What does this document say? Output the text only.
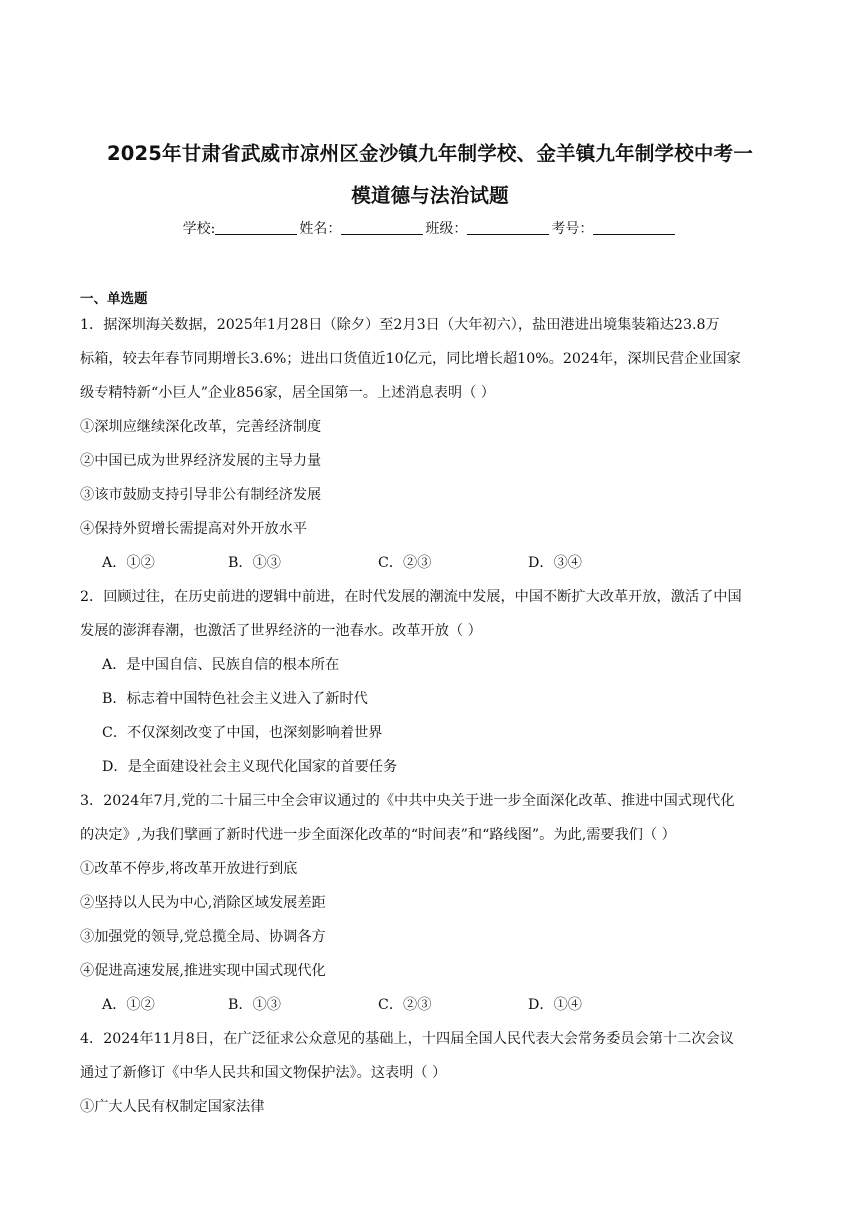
2025年甘肃省武威市凉州区金沙镇九年制学校、金羊镇九年制学校中考一
模道德与法治试题
学校:	姓名：	班级：	考号：
一、单选题
1．据深圳海关数据，2025年1月28日（除夕）至2月3日（大年初六），盐田港进出境集装箱达23.8万
标箱，较去年春节同期增长3.6%；进出口货值近10亿元，同比增长超10%。2024年，深圳民营企业国家
级专精特新“小巨人”企业856家，居全国第一。上述消息表明（ ）
①深圳应继续深化改革，完善经济制度
②中国已成为世界经济发展的主导力量
③该市鼓励支持引导非公有制经济发展
④保持外贸增长需提高对外开放水平
A．①②	B．①③	C．②③	D．③④
2．回顾过往，在历史前进的逻辑中前进，在时代发展的潮流中发展，中国不断扩大改革开放，激活了中国
发展的澎湃春潮，也激活了世界经济的一池春水。改革开放（ ）
A．是中国自信、民族自信的根本所在
B．标志着中国特色社会主义进入了新时代
C．不仅深刻改变了中国，也深刻影响着世界
D．是全面建设社会主义现代化国家的首要任务
3．2024年7月,党的二十届三中全会审议通过的《中共中央关于进一步全面深化改革、推进中国式现代化
的决定》,为我们擘画了新时代进一步全面深化改革的“时间表”和“路线图”。为此,需要我们（ ）
①改革不停步,将改革开放进行到底
②坚持以人民为中心,消除区域发展差距
③加强党的领导,党总揽全局、协调各方
④促进高速发展,推进实现中国式现代化
A．①②	B．①③	C．②③	D．①④
4．2024年11月8日，在广泛征求公众意见的基础上，十四届全国人民代表大会常务委员会第十二次会议
通过了新修订《中华人民共和国文物保护法》。这表明（ ）
①广大人民有权制定国家法律
